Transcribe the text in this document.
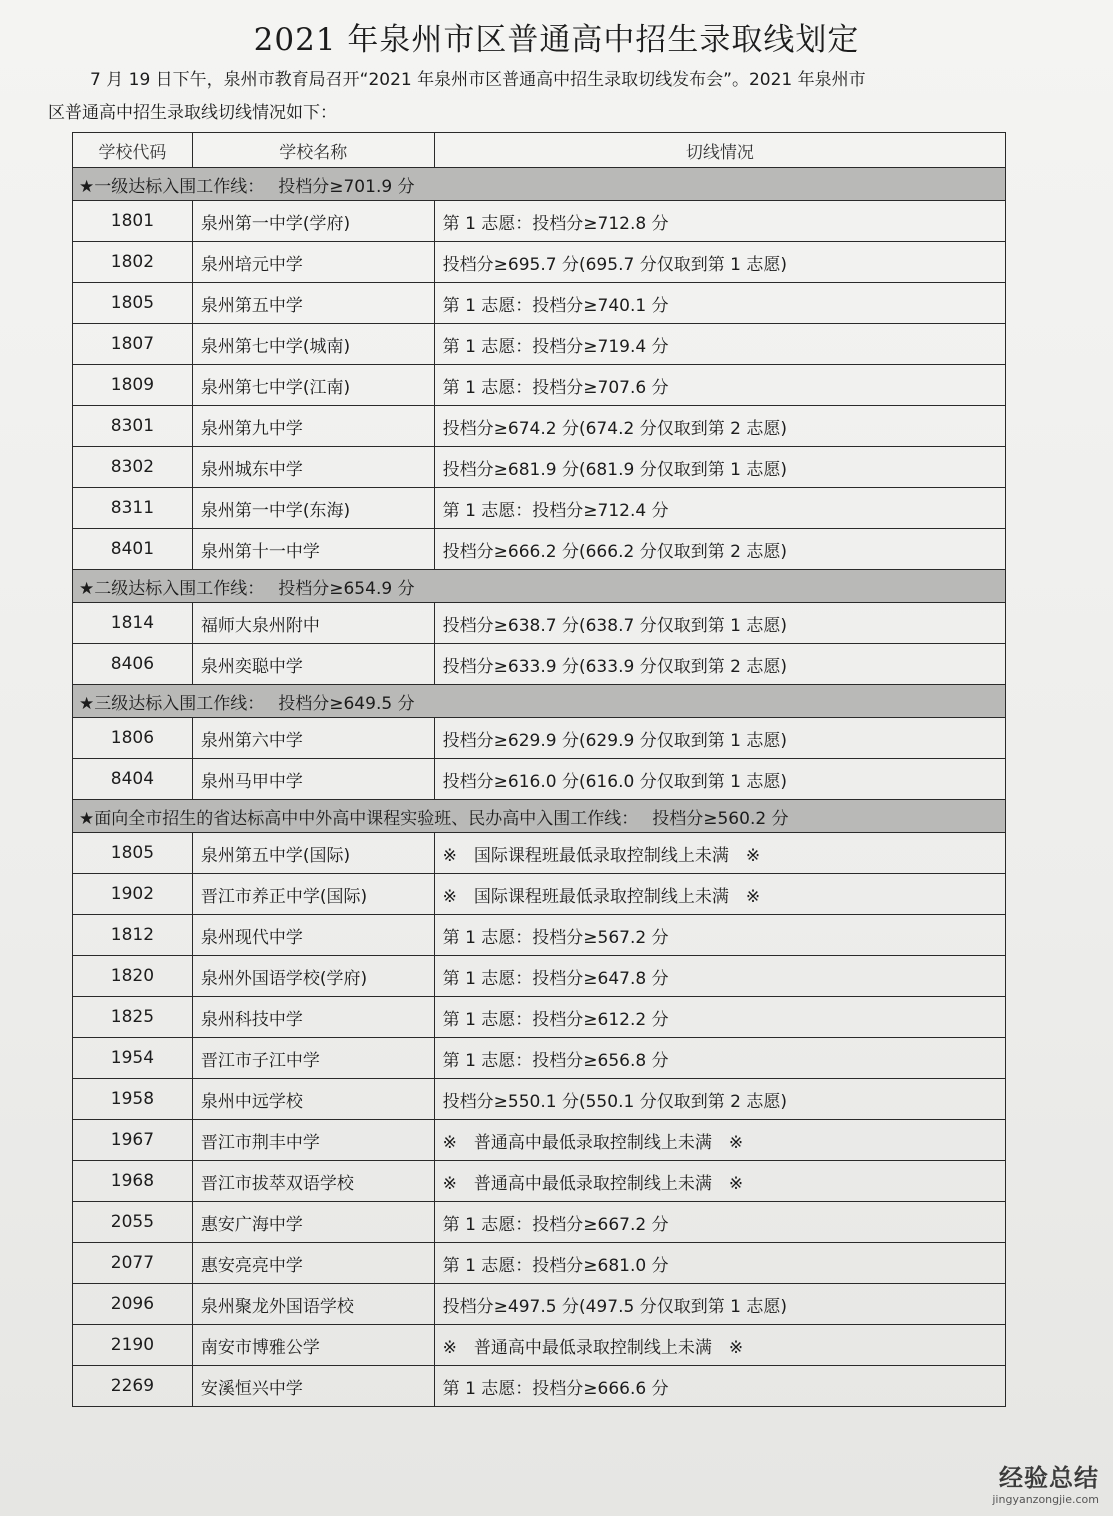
2021 年泉州市区普通高中招生录取线划定
7 月 19 日下午，泉州市教育局召开“2021 年泉州市区普通高中招生录取切线发布会”。2021 年泉州市
区普通高中招生录取线切线情况如下：
学校代码	学校名称	切线情况
★一级达标入围工作线： 投档分≥701.9 分		
1801	泉州第一中学(学府)	第 1 志愿：投档分≥712.8 分
1802	泉州培元中学	投档分≥695.7 分(695.7 分仅取到第 1 志愿)
1805	泉州第五中学	第 1 志愿：投档分≥740.1 分
1807	泉州第七中学(城南)	第 1 志愿：投档分≥719.4 分
1809	泉州第七中学(江南)	第 1 志愿：投档分≥707.6 分
8301	泉州第九中学	投档分≥674.2 分(674.2 分仅取到第 2 志愿)
8302	泉州城东中学	投档分≥681.9 分(681.9 分仅取到第 1 志愿)
8311	泉州第一中学(东海)	第 1 志愿：投档分≥712.4 分
8401	泉州第十一中学	投档分≥666.2 分(666.2 分仅取到第 2 志愿)
★二级达标入围工作线： 投档分≥654.9 分		
1814	福师大泉州附中	投档分≥638.7 分(638.7 分仅取到第 1 志愿)
8406	泉州奕聪中学	投档分≥633.9 分(633.9 分仅取到第 2 志愿)
★三级达标入围工作线： 投档分≥649.5 分		
1806	泉州第六中学	投档分≥629.9 分(629.9 分仅取到第 1 志愿)
8404	泉州马甲中学	投档分≥616.0 分(616.0 分仅取到第 1 志愿)
★面向全市招生的省达标高中中外高中课程实验班、民办高中入围工作线： 投档分≥560.2 分		
1805	泉州第五中学(国际)	※　国际课程班最低录取控制线上未满　※
1902	晋江市养正中学(国际)	※　国际课程班最低录取控制线上未满　※
1812	泉州现代中学	第 1 志愿：投档分≥567.2 分
1820	泉州外国语学校(学府)	第 1 志愿：投档分≥647.8 分
1825	泉州科技中学	第 1 志愿：投档分≥612.2 分
1954	晋江市子江中学	第 1 志愿：投档分≥656.8 分
1958	泉州中远学校	投档分≥550.1 分(550.1 分仅取到第 2 志愿)
1967	晋江市荆丰中学	※　普通高中最低录取控制线上未满　※
1968	晋江市拔萃双语学校	※　普通高中最低录取控制线上未满　※
2055	惠安广海中学	第 1 志愿：投档分≥667.2 分
2077	惠安亮亮中学	第 1 志愿：投档分≥681.0 分
2096	泉州聚龙外国语学校	投档分≥497.5 分(497.5 分仅取到第 1 志愿)
2190	南安市博雅公学	※　普通高中最低录取控制线上未满　※
2269	安溪恒兴中学	第 1 志愿：投档分≥666.6 分
经验总结
jingyanzongjie.com
